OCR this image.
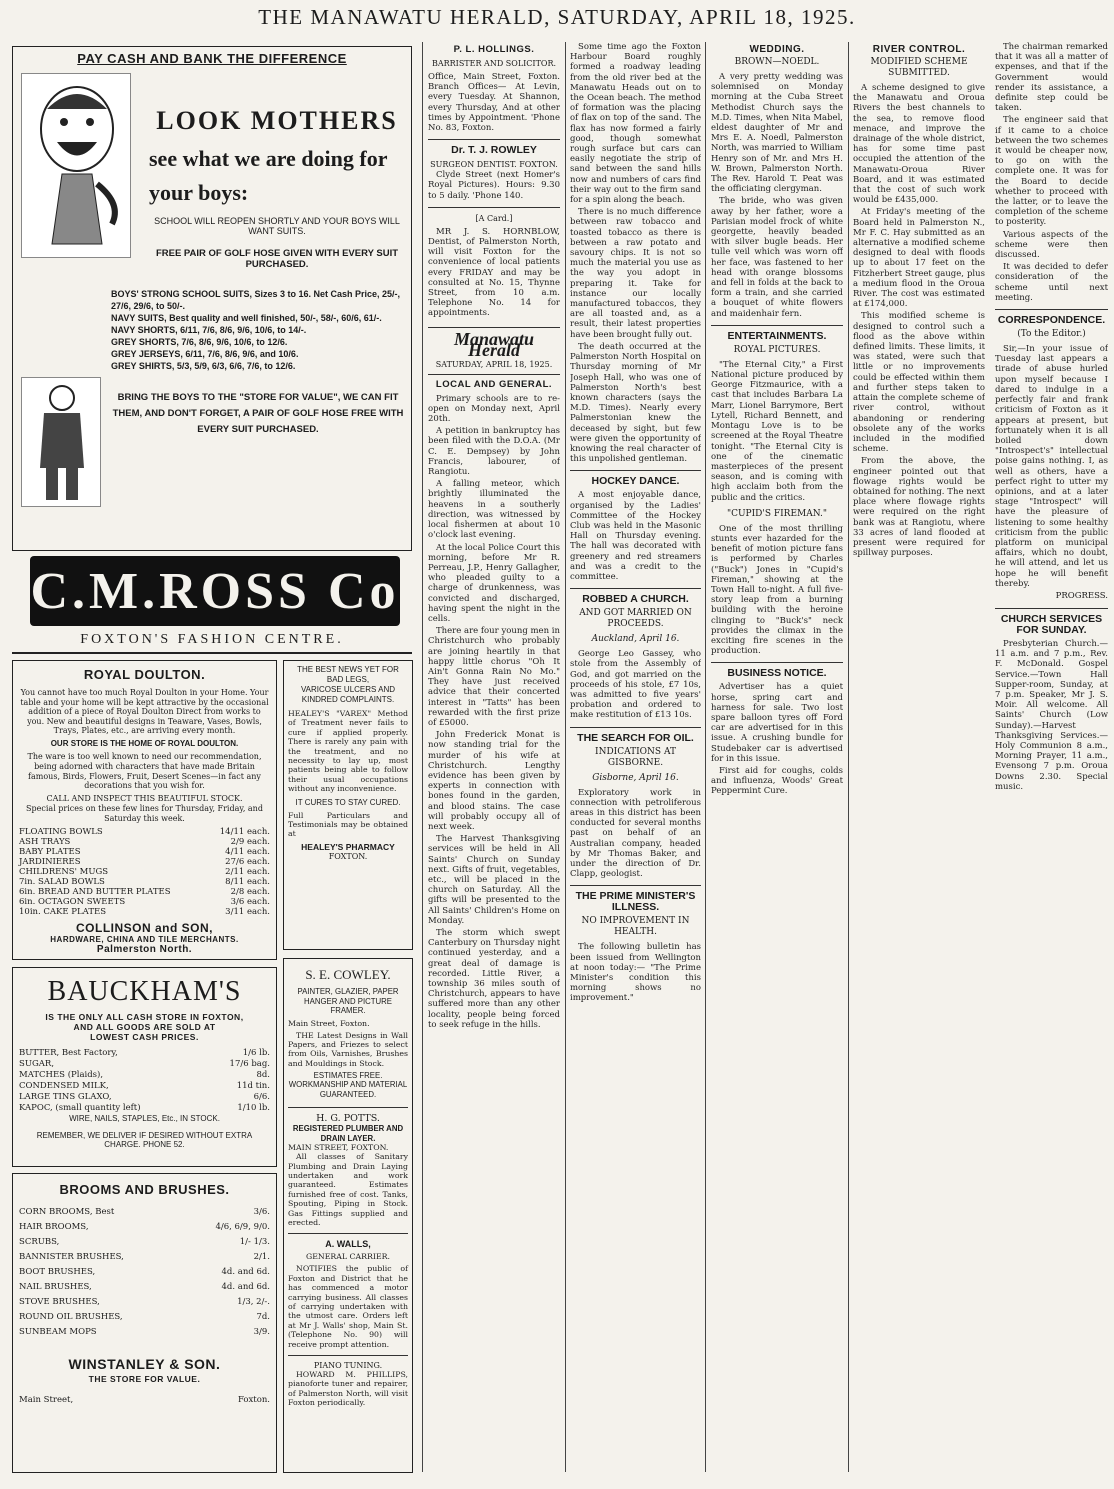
THE MANAWATU HERALD, SATURDAY, APRIL 18, 1925.
PAY CASH AND BANK THE DIFFERENCE
LOOK MOTHERS
see what we are doing for
your boys:
SCHOOL WILL REOPEN SHORTLY AND YOUR BOYS WILL WANT SUITS.
FREE PAIR OF GOLF HOSE GIVEN WITH EVERY SUIT PURCHASED.
BOYS' STRONG SCHOOL SUITS, Sizes 3 to 16. Net Cash Price, 25/-, 27/6, 29/6, to 50/-.
NAVY SUITS, Best quality and well finished, 50/-, 58/-, 60/6, 61/-.
NAVY SHORTS, 6/11, 7/6, 8/6, 9/6, 10/6, to 14/-.
GREY SHORTS, 7/6, 8/6, 9/6, 10/6, to 12/6.
GREY JERSEYS, 6/11, 7/6, 8/6, 9/6, and 10/6.
GREY SHIRTS, 5/3, 5/9, 6/3, 6/6, 7/6, to 12/6.
BRING THE BOYS TO THE "STORE FOR VALUE", WE CAN FIT THEM, AND DON'T FORGET, A PAIR OF GOLF HOSE FREE WITH EVERY SUIT PURCHASED.
C.M.ROSS Co
FOXTON'S FASHION CENTRE.
ROYAL DOULTON.
You cannot have too much Royal Doulton in your Home. Your table and your home will be kept attractive by the occasional addition of a piece of Royal Doulton Direct from works to you. New and beautiful designs in Teaware, Vases, Bowls, Trays, Plates, etc., are arriving every month.
OUR STORE IS THE HOME OF ROYAL DOULTON.
The ware is too well known to need our recommendation, being adorned with characters that have made Britain famous, Birds, Flowers, Fruit, Desert Scenes—in fact any decorations that you wish for.
CALL AND INSPECT THIS BEAUTIFUL STOCK.
Special prices on these few lines for Thursday, Friday, and Saturday this week.
FLOATING BOWLS	14/11 each.
ASH TRAYS	2/9 each.
BABY PLATES	4/11 each.
JARDINIERES	27/6 each.
CHILDRENS' MUGS	2/11 each.
7in. SALAD BOWLS	8/11 each.
6in. BREAD AND BUTTER PLATES	2/8 each.
6in. OCTAGON SWEETS	3/6 each.
10in. CAKE PLATES	3/11 each.
COLLINSON and SON,
HARDWARE, CHINA AND TILE MERCHANTS.
Palmerston North.
THE BEST NEWS YET FOR BAD LEGS,
VARICOSE ULCERS AND KINDRED COMPLAINTS.
HEALEY'S "VAREX" Method of Treatment never fails to cure if applied properly. There is rarely any pain with the treatment, and no necessity to lay up, most patients being able to follow their usual occupations without any inconvenience.
IT CURES TO STAY CURED.
Full Particulars and Testimonials may be obtained at
HEALEY'S PHARMACY
FOXTON.
BAUCKHAM'S
IS THE ONLY ALL CASH STORE IN FOXTON,
AND ALL GOODS ARE SOLD AT
LOWEST CASH PRICES.
BUTTER, Best Factory,	1/6 lb.
SUGAR,	17/6 bag.
MATCHES (Plaids),	8d.
CONDENSED MILK,	11d tin.
LARGE TINS GLAXO,	6/6.
KAPOC, (small quantity left)	1/10 lb.
WIRE, NAILS, STAPLES, Etc., IN STOCK.
REMEMBER, WE DELIVER IF DESIRED WITHOUT EXTRA CHARGE. PHONE 52.
BROOMS AND BRUSHES.
CORN BROOMS, Best	3/6.
HAIR BROOMS,	4/6, 6/9, 9/0.
SCRUBS,	1/- 1/3.
BANNISTER BRUSHES,	2/1.
BOOT BRUSHES,	4d. and 6d.
NAIL BRUSHES,	4d. and 6d.
STOVE BRUSHES,	1/3, 2/-.
ROUND OIL BRUSHES,	7d.
SUNBEAM MOPS	3/9.
WINSTANLEY & SON.
THE STORE FOR VALUE.
Main Street,	Foxton.
S. E. COWLEY.
PAINTER, GLAZIER, PAPER HANGER AND PICTURE FRAMER.
Main Street, Foxton.
THE Latest Designs in Wall Papers, and Friezes to select from Oils, Varnishes, Brushes and Mouldings in Stock.
ESTIMATES FREE.
WORKMANSHIP AND MATERIAL GUARANTEED.
H. G. POTTS.
REGISTERED PLUMBER AND DRAIN LAYER.
MAIN STREET, FOXTON.
All classes of Sanitary Plumbing and Drain Laying undertaken and work guaranteed. Estimates furnished free of cost. Tanks, Spouting, Piping in Stock. Gas Fittings supplied and erected.
A. WALLS,
GENERAL CARRIER.
NOTIFIES the public of Foxton and District that he has commenced a motor carrying business. All classes of carrying undertaken with the utmost care. Orders left at Mr J. Walls' shop, Main St. (Telephone No. 90) will receive prompt attention.
PIANO TUNING.
HOWARD M. PHILLIPS, pianoforte tuner and repairer, of Palmerston North, will visit Foxton periodically.
P. L. HOLLINGS.
BARRISTER AND SOLICITOR.
Office, Main Street, Foxton. Branch Offices— At Levin, every Tuesday. At Shannon, every Thursday, And at other times by Appointment. 'Phone No. 83, Foxton.
Dr. T. J. ROWLEY
SURGEON DENTIST. FOXTON.
Clyde Street (next Homer's Royal Pictures). Hours: 9.30 to 5 daily. 'Phone 140.
[A Card.]
MR J. S. HORNBLOW, Dentist, of Palmerston North, will visit Foxton for the convenience of local patients every FRIDAY and may be consulted at No. 15, Thynne Street, from 10 a.m. Telephone No. 14 for appointments.
Manawatu Herald
SATURDAY, APRIL 18, 1925.
LOCAL AND GENERAL.
Primary schools are to re-open on Monday next, April 20th.
A petition in bankruptcy has been filed with the D.O.A. (Mr C. E. Dempsey) by John Francis, labourer, of Rangiotu.
A falling meteor, which brightly illuminated the heavens in a southerly direction, was witnessed by local fishermen at about 10 o'clock last evening.
At the local Police Court this morning, before Mr R. Perreau, J.P., Henry Gallagher, who pleaded guilty to a charge of drunkenness, was convicted and discharged, having spent the night in the cells.
There are four young men in Christchurch who probably are joining heartily in that happy little chorus "Oh It Ain't Gonna Rain No Mo." They have just received advice that their concerted interest in "Tatts" has been rewarded with the first prize of £5000.
John Frederick Monat is now standing trial for the murder of his wife at Christchurch. Lengthy evidence has been given by experts in connection with bones found in the garden, and blood stains. The case will probably occupy all of next week.
The Harvest Thanksgiving services will be held in All Saints' Church on Sunday next. Gifts of fruit, vegetables, etc., will be placed in the church on Saturday. All the gifts will be presented to the All Saints' Children's Home on Monday.
The storm which swept Canterbury on Thursday night continued yesterday, and a great deal of damage is recorded. Little River, a township 36 miles south of Christchurch, appears to have suffered more than any other locality, people being forced to seek refuge in the hills.
Some time ago the Foxton Harbour Board roughly formed a roadway leading from the old river bed at the Manawatu Heads out on to the Ocean beach. The method of formation was the placing of flax on top of the sand. The flax has now formed a fairly good, though somewhat rough surface but cars can easily negotiate the strip of sand between the sand hills now and numbers of cars find their way out to the firm sand for a spin along the beach.
There is no much difference between raw tobacco and toasted tobacco as there is between a raw potato and savoury chips. It is not so much the material you use as the way you adopt in preparing it. Take for instance our locally manufactured tobaccos, they are all toasted and, as a result, their latest properties have been brought fully out.
The death occurred at the Palmerston North Hospital on Thursday morning of Mr Joseph Hall, who was one of Palmerston North's best known characters (says the M.D. Times). Nearly every Palmerstonian knew the deceased by sight, but few were given the opportunity of knowing the real character of this unpolished gentleman.
HOCKEY DANCE.
A most enjoyable dance, organised by the Ladies' Committee of the Hockey Club was held in the Masonic Hall on Thursday evening. The hall was decorated with greenery and red streamers and was a credit to the committee.
ROBBED A CHURCH.
AND GOT MARRIED ON PROCEEDS.
Auckland, April 16.
George Leo Gassey, who stole from the Assembly of God, and got married on the proceeds of his stole, £7 10s, was admitted to five years' probation and ordered to make restitution of £13 10s.
THE SEARCH FOR OIL.
INDICATIONS AT GISBORNE.
Gisborne, April 16.
Exploratory work in connection with petroliferous areas in this district has been conducted for several months past on behalf of an Australian company, headed by Mr Thomas Baker, and under the direction of Dr. Clapp, geologist.
THE PRIME MINISTER'S ILLNESS.
NO IMPROVEMENT IN HEALTH.
The following bulletin has been issued from Wellington at noon today:— "The Prime Minister's condition this morning shows no improvement."
WEDDING.
BROWN—NOEDL.
A very pretty wedding was solemnised on Monday morning at the Cuba Street Methodist Church says the M.D. Times, when Nita Mabel, eldest daughter of Mr and Mrs E. A. Noedl, Palmerston North, was married to William Henry son of Mr. and Mrs H. W. Brown, Palmerston North. The Rev. Harold T. Peat was the officiating clergyman.
The bride, who was given away by her father, wore a Parisian model frock of white georgette, heavily beaded with silver bugle beads. Her tulle veil which was worn off her face, was fastened to her head with orange blossoms and fell in folds at the back to form a train, and she carried a bouquet of white flowers and maidenhair fern.
ENTERTAINMENTS.
ROYAL PICTURES.
"The Eternal City," a First National picture produced by George Fitzmaurice, with a cast that includes Barbara La Marr, Lionel Barrymore, Bert Lytell, Richard Bennett, and Montagu Love is to be screened at the Royal Theatre tonight. "The Eternal City is one of the cinematic masterpieces of the present season, and is coming with high acclaim both from the public and the critics.
"CUPID'S FIREMAN."
One of the most thrilling stunts ever hazarded for the benefit of motion picture fans is performed by Charles ("Buck") Jones in "Cupid's Fireman," showing at the Town Hall to-night. A full five-story leap from a burning building with the heroine clinging to "Buck's" neck provides the climax in the exciting fire scenes in the production.
BUSINESS NOTICE.
Advertiser has a quiet horse, spring cart and harness for sale. Two lost spare balloon tyres off Ford car are advertised for in this issue. A crushing bundle for Studebaker car is advertised for in this issue.
First aid for coughs, colds and influenza, Woods' Great Peppermint Cure.
RIVER CONTROL.
MODIFIED SCHEME SUBMITTED.
A scheme designed to give the Manawatu and Oroua Rivers the best channels to the sea, to remove flood menace, and improve the drainage of the whole district, has for some time past occupied the attention of the Manawatu-Oroua River Board, and it was estimated that the cost of such work would be £435,000.
At Friday's meeting of the Board held in Palmerston N., Mr F. C. Hay submitted as an alternative a modified scheme designed to deal with floods up to about 17 feet on the Fitzherbert Street gauge, plus a medium flood in the Oroua River. The cost was estimated at £174,000.
This modified scheme is designed to control such a flood as the above within defined limits. These limits, it was stated, were such that little or no improvements could be effected within them and further steps taken to attain the complete scheme of river control, without abandoning or rendering obsolete any of the works included in the modified scheme.
From the above, the engineer pointed out that flowage rights would be obtained for nothing. The next place where flowage rights were required on the right bank was at Rangiotu, where 33 acres of land flooded at present were required for spillway purposes.
The chairman remarked that it was all a matter of expenses, and that if the Government would render its assistance, a definite step could be taken.
The engineer said that if it came to a choice between the two schemes it would be cheaper now, to go on with the complete one. It was for the Board to decide whether to proceed with the latter, or to leave the completion of the scheme to posterity.
Various aspects of the scheme were then discussed.
It was decided to defer consideration of the scheme until next meeting.
CORRESPONDENCE.
(To the Editor.)
Sir,—In your issue of Tuesday last appears a tirade of abuse hurled upon myself because I dared to indulge in a perfectly fair and frank criticism of Foxton as it appears at present, but fortunately when it is all boiled down "Introspect's" intellectual poise gains nothing. I, as well as others, have a perfect right to utter my opinions, and at a later stage "Introspect" will have the pleasure of listening to some healthy criticism from the public platform on municipal affairs, which no doubt, he will attend, and let us hope he will benefit thereby.
PROGRESS.
CHURCH SERVICES FOR SUNDAY.
Presbyterian Church.—11 a.m. and 7 p.m., Rev. F. McDonald. Gospel Service.—Town Hall Supper-room, Sunday, at 7 p.m. Speaker, Mr J. S. Moir. All welcome. All Saints' Church (Low Sunday).—Harvest Thanksgiving Services.—Holy Communion 8 a.m., Morning Prayer, 11 a.m., Evensong 7 p.m. Oroua Downs 2.30. Special music.
